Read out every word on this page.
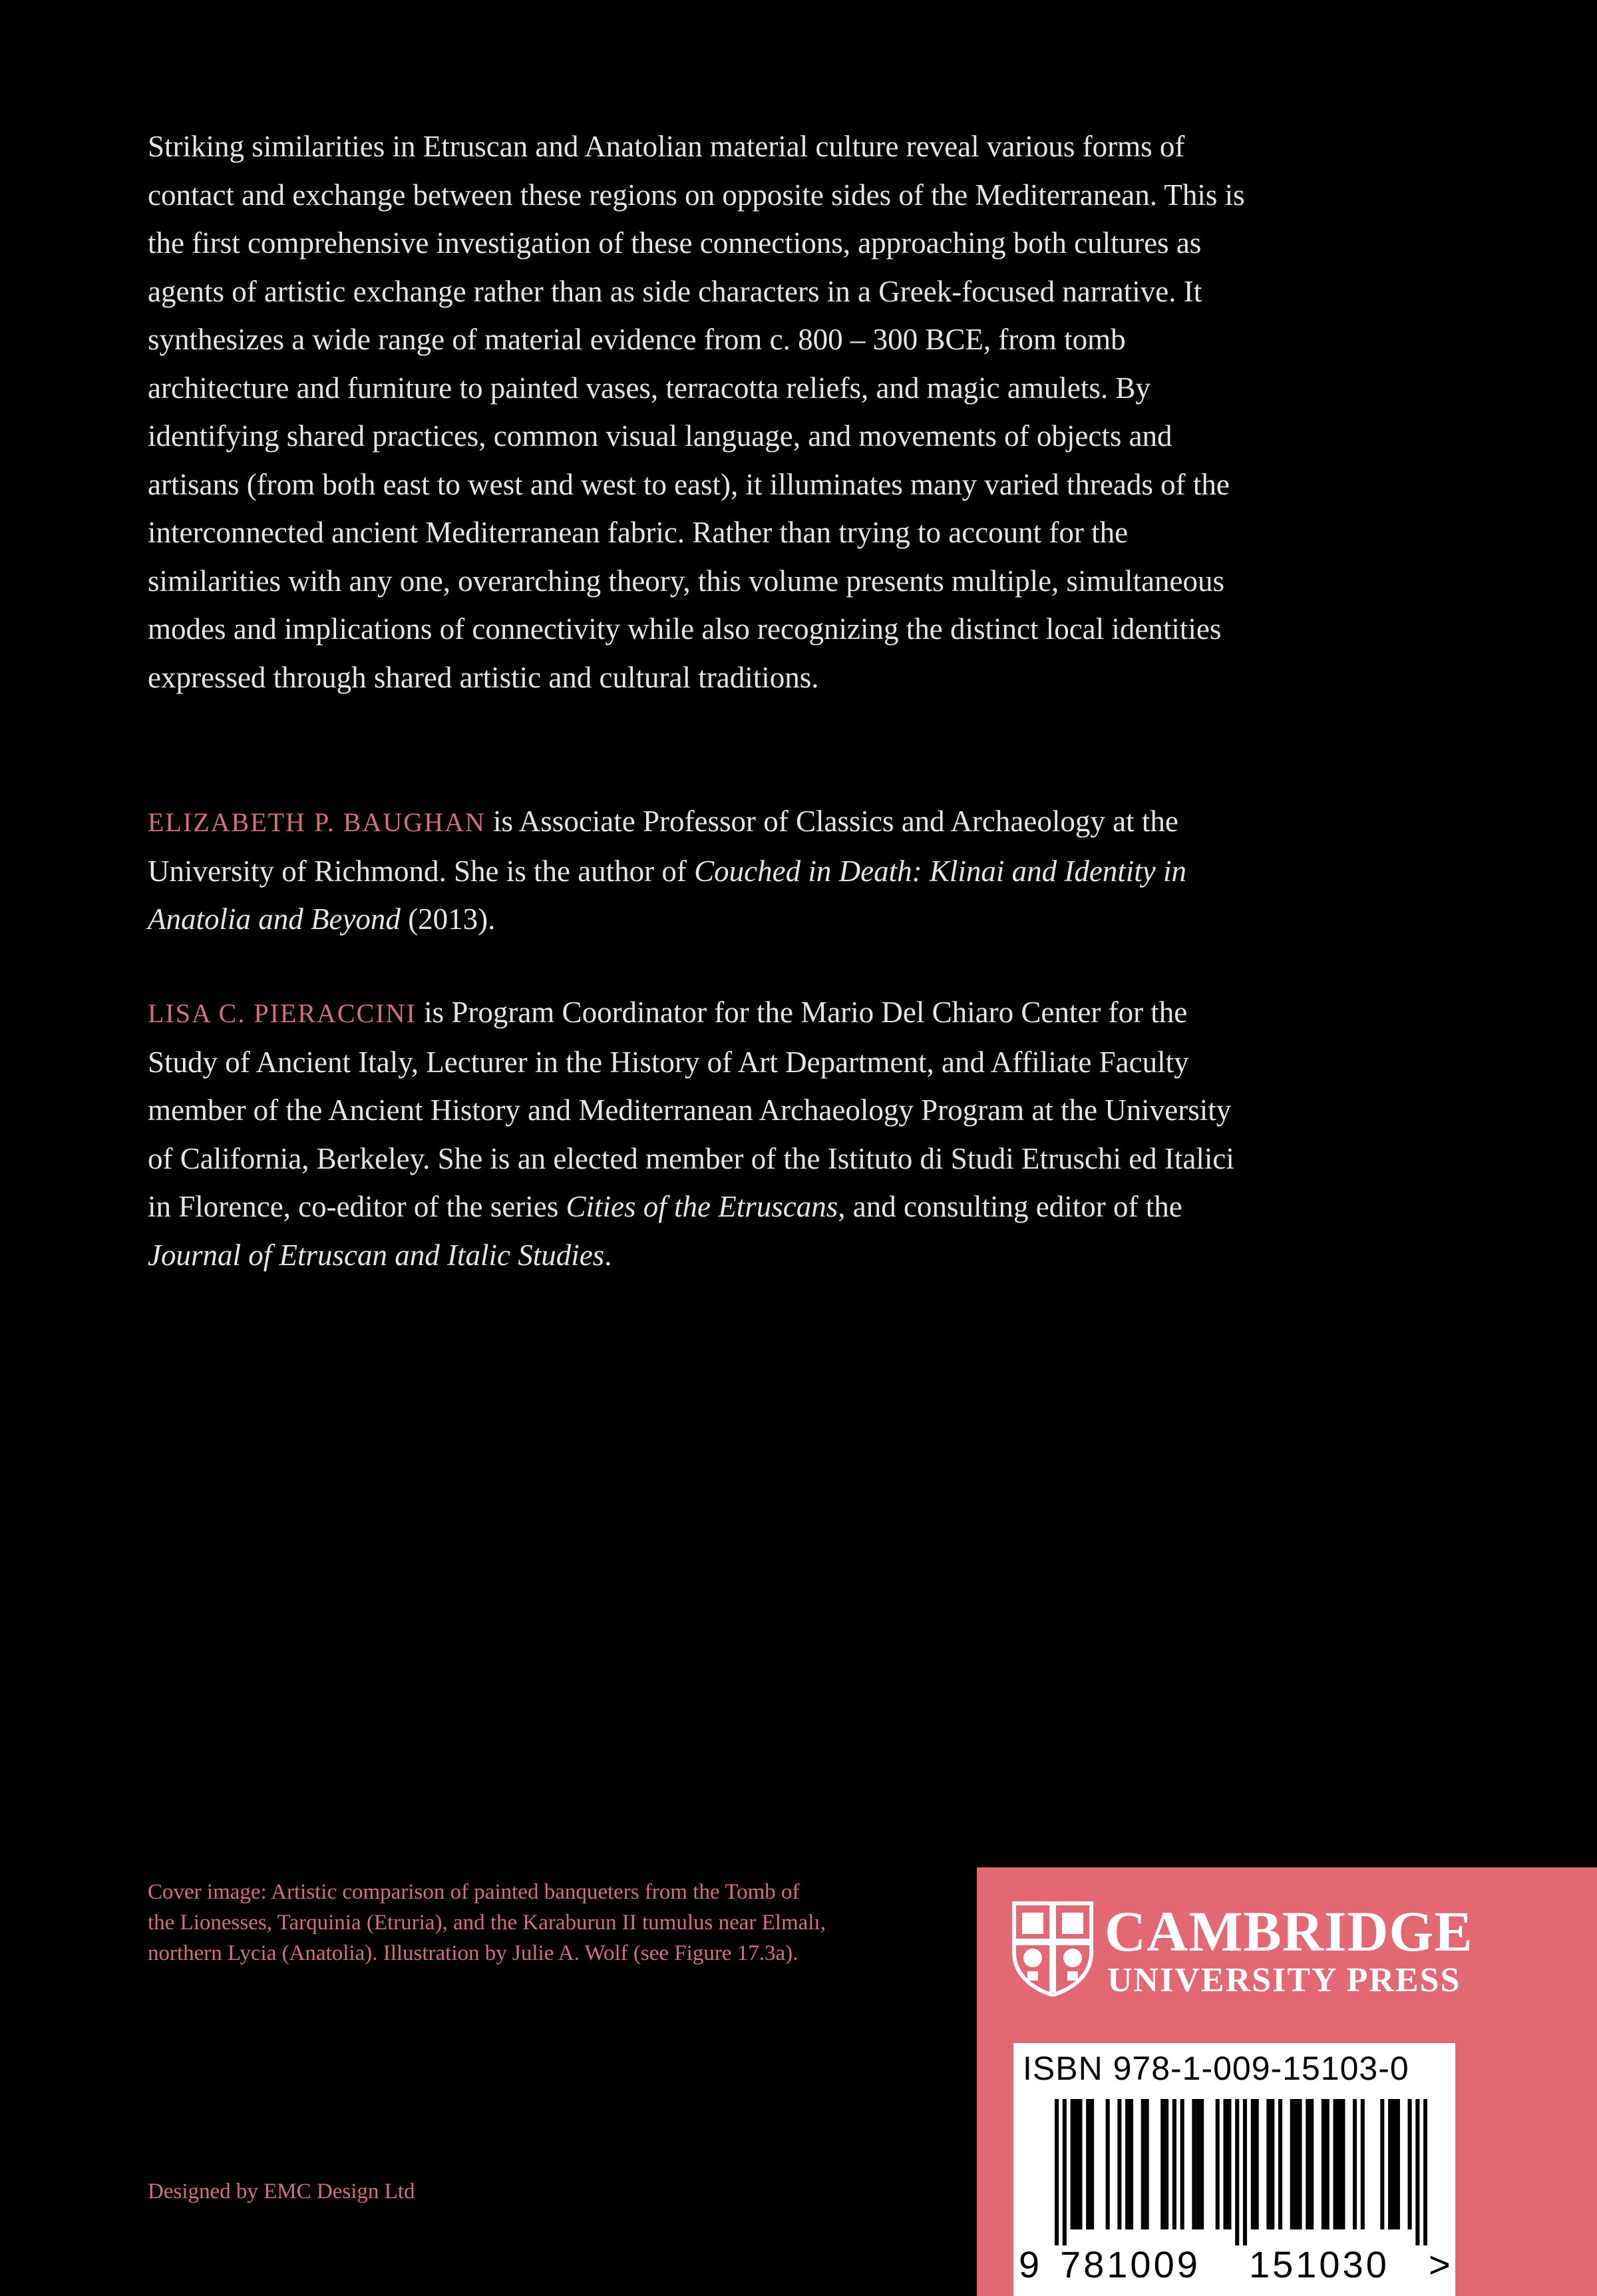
Striking similarities in Etruscan and Anatolian material culture reveal various forms of contact and exchange between these regions on opposite sides of the Mediterranean. This is the first comprehensive investigation of these connections, approaching both cultures as agents of artistic exchange rather than as side characters in a Greek-focused narrative. It synthesizes a wide range of material evidence from c. 800 – 300 BCE, from tomb architecture and furniture to painted vases, terracotta reliefs, and magic amulets. By identifying shared practices, common visual language, and movements of objects and artisans (from both east to west and west to east), it illuminates many varied threads of the interconnected ancient Mediterranean fabric. Rather than trying to account for the similarities with any one, overarching theory, this volume presents multiple, simultaneous modes and implications of connectivity while also recognizing the distinct local identities expressed through shared artistic and cultural traditions.

ELIZABETH P. BAUGHAN is Associate Professor of Classics and Archaeology at the University of Richmond. She is the author of Couched in Death: Klinai and Identity in Anatolia and Beyond (2013).

LISA C. PIERACCINI is Program Coordinator for the Mario Del Chiaro Center for the Study of Ancient Italy, Lecturer in the History of Art Department, and Affiliate Faculty member of the Ancient History and Mediterranean Archaeology Program at the University of California, Berkeley. She is an elected member of the Istituto di Studi Etruschi ed Italici in Florence, co-editor of the series Cities of the Etruscans, and consulting editor of the Journal of Etruscan and Italic Studies.

Cover image: Artistic comparison of painted banqueters from the Tomb of the Lionesses, Tarquinia (Etruria), and the Karaburun II tumulus near Elmalı, northern Lycia (Anatolia). Illustration by Julie A. Wolf (see Figure 17.3a).

Designed by EMC Design Ltd

CAMBRIDGE
UNIVERSITY PRESS
ISBN 978-1-009-15103-0
9 781009 151030 >
